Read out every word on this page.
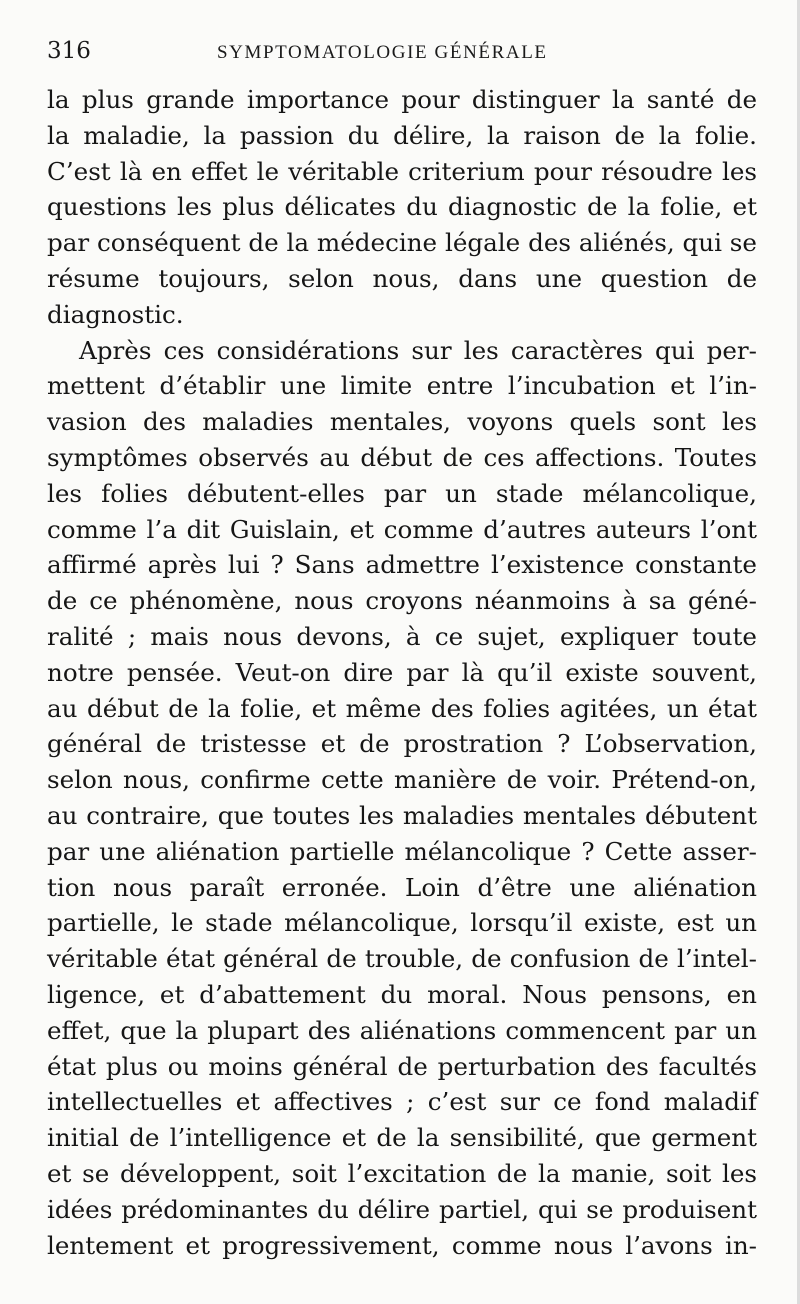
316	SYMPTOMATOLOGIE GÉNÉRALE
la plus grande importance pour distinguer la santé de
la maladie, la passion du délire, la raison de la folie.
C’est là en effet le véritable criterium pour résoudre les
questions les plus délicates du diagnostic de la folie, et
par conséquent de la médecine légale des aliénés, qui se
résume toujours, selon nous, dans une question de
diagnostic.
Après ces considérations sur les caractères qui per-
mettent d’établir une limite entre l’incubation et l’in-
vasion des maladies mentales, voyons quels sont les
symptômes observés au début de ces affections. Toutes
les folies débutent-elles par un stade mélancolique,
comme l’a dit Guislain, et comme d’autres auteurs l’ont
affirmé après lui ? Sans admettre l’existence constante
de ce phénomène, nous croyons néanmoins à sa géné-
ralité ; mais nous devons, à ce sujet, expliquer toute
notre pensée. Veut-on dire par là qu’il existe souvent,
au début de la folie, et même des folies agitées, un état
général de tristesse et de prostration ? L’observation,
selon nous, confirme cette manière de voir. Prétend-on,
au contraire, que toutes les maladies mentales débutent
par une aliénation partielle mélancolique ? Cette asser-
tion nous paraît erronée. Loin d’être une aliénation
partielle, le stade mélancolique, lorsqu’il existe, est un
véritable état général de trouble, de confusion de l’intel-
ligence, et d’abattement du moral. Nous pensons, en
effet, que la plupart des aliénations commencent par un
état plus ou moins général de perturbation des facultés
intellectuelles et affectives ; c’est sur ce fond maladif
initial de l’intelligence et de la sensibilité, que germent
et se développent, soit l’excitation de la manie, soit les
idées prédominantes du délire partiel, qui se produisent
lentement et progressivement, comme nous l’avons in-
